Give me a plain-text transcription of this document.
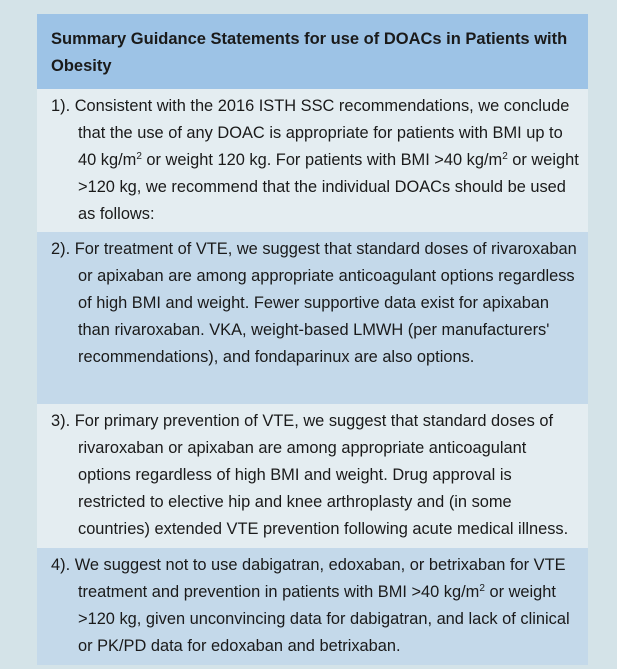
Summary Guidance Statements for use of DOACs in Patients with Obesity
1). Consistent with the 2016 ISTH SSC recommendations, we conclude that the use of any DOAC is appropriate for patients with BMI up to 40 $kg/m^2$ or weight 120 kg. For patients with BMI >40 $kg/m^2$ or weight >120 kg, we recommend that the individual DOACs should be used as follows:
2). For treatment of VTE, we suggest that standard doses of rivaroxaban or apixaban are among appropriate anticoagulant options regardless of high BMI and weight. Fewer supportive data exist for apixaban than rivaroxaban. VKA, weight-based LMWH (per manufacturers' recommendations), and fondaparinux are also options.
3). For primary prevention of VTE, we suggest that standard doses of rivaroxaban or apixaban are among appropriate anticoagulant options regardless of high BMI and weight. Drug approval is restricted to elective hip and knee arthroplasty and (in some countries) extended VTE prevention following acute medical illness.
4). We suggest not to use dabigatran, edoxaban, or betrixaban for VTE treatment and prevention in patients with BMI >40 $kg/m^2$ or weight >120 kg, given unconvincing data for dabigatran, and lack of clinical or PK/PD data for edoxaban and betrixaban.
